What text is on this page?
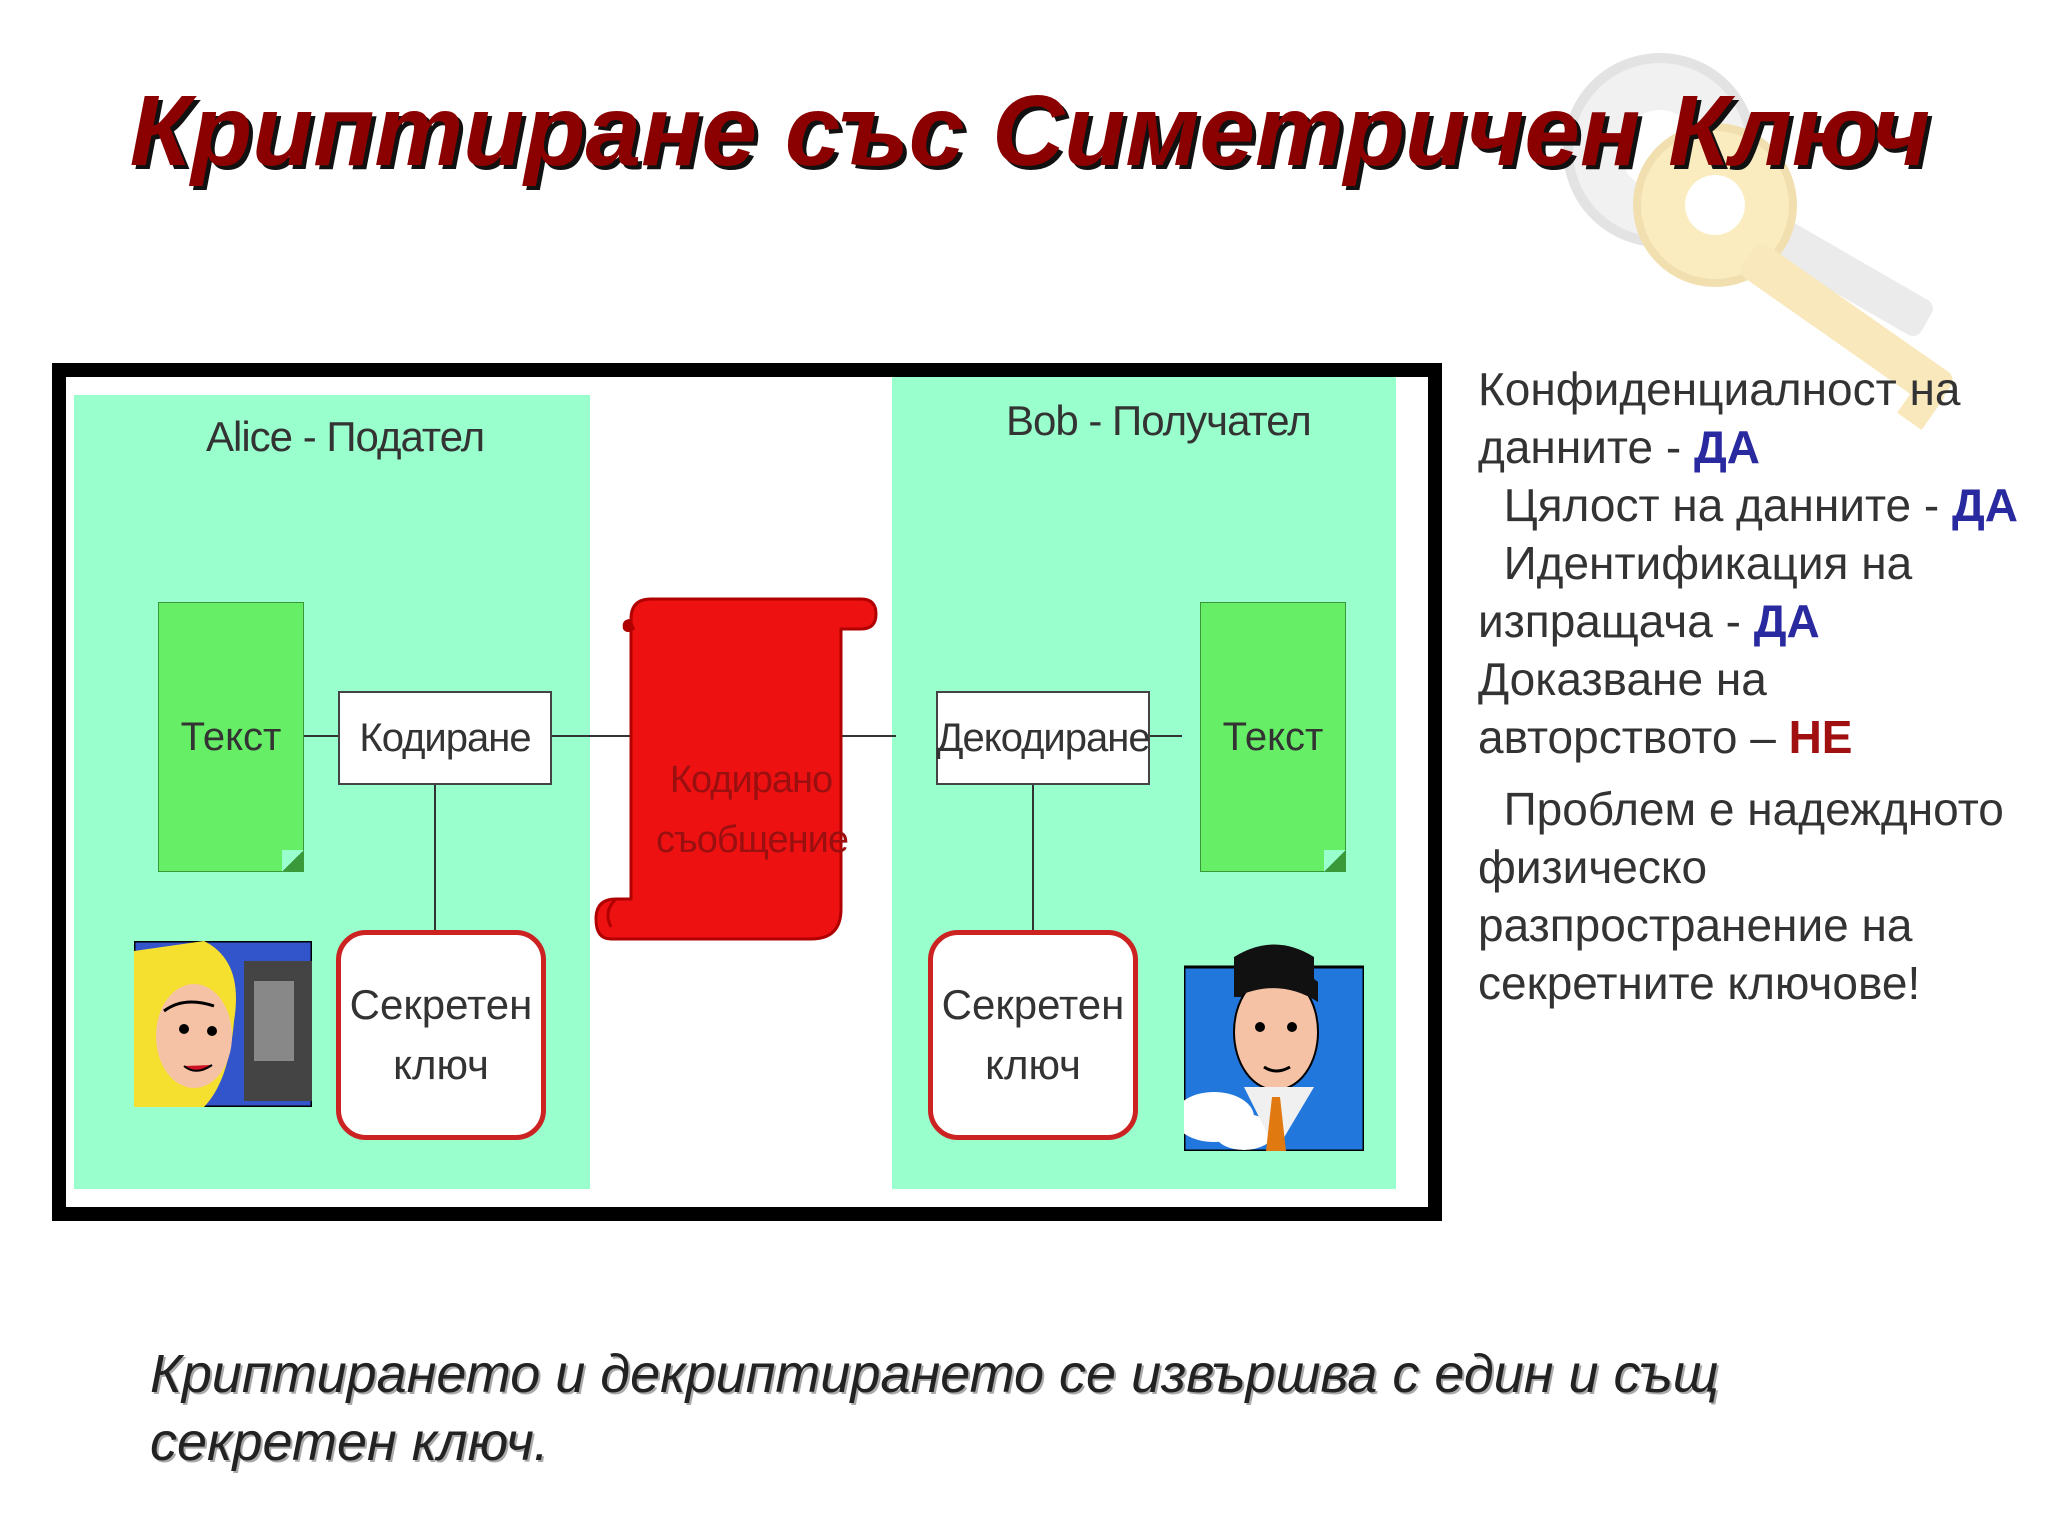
Криптиране със Симетричен Ключ
Alice - Подател	Bob - Получател
Текст	Текст
Кодиране	Декодиране
Кодирано
съобщение
Секретен
ключ
Секретен
ключ

Конфиденциалност на данните - ДА

Цялост на данните - ДА

Идентификация на изпращача - ДА

Доказване на авторството – НЕ

Проблем е надеждното физическо разпространение на секретните ключове!

Криптирането и декриптирането се извършва с един и същ секретен ключ.
